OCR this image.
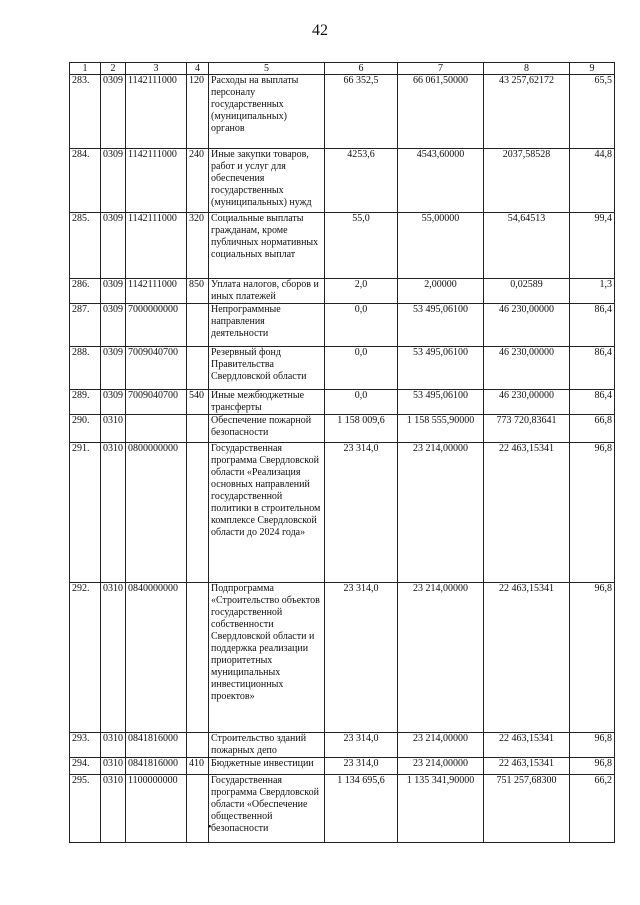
42
1	2	3	4	5	6	7	8	9
283.	0309	1142111000	120	Расходы на выплаты персоналу государственных (муниципальных) органов	66 352,5	66 061,50000	43 257,62172	65,5
284.	0309	1142111000	240	Иные закупки товаров, работ и услуг для обеспечения государственных (муниципальных) нужд	4253,6	4543,60000	2037,58528	44,8
285.	0309	1142111000	320	Социальные выплаты гражданам, кроме публичных нормативных социальных выплат	55,0	55,00000	54,64513	99,4
286.	0309	1142111000	850	Уплата налогов, сборов и иных платежей	2,0	2,00000	0,02589	1,3
287.	0309	7000000000		Непрограммные направления деятельности	0,0	53 495,06100	46 230,00000	86,4
288.	0309	7009040700		Резервный фонд Правительства Свердловской области	0,0	53 495,06100	46 230,00000	86,4
289.	0309	7009040700	540	Иные межбюджетные трансферты	0,0	53 495,06100	46 230,00000	86,4
290.	0310			Обеспечение пожарной безопасности	1 158 009,6	1 158 555,90000	773 720,83641	66,8
291.	0310	0800000000		Государственная программа Свердловской области «Реализация основных направлений государственной политики в строительном комплексе Свердловской области до 2024 года»	23 314,0	23 214,00000	22 463,15341	96,8
292.	0310	0840000000		Подпрограмма «Строительство объектов государственной собственности Свердловской области и поддержка реализации приоритетных муниципальных инвестиционных проектов»	23 314,0	23 214,00000	22 463,15341	96,8
293.	0310	0841816000		Строительство зданий пожарных депо	23 314,0	23 214,00000	22 463,15341	96,8
294.	0310	0841816000	410	Бюджетные инвестиции	23 314,0	23 214,00000	22 463,15341	96,8
295.	0310	1100000000		Государственная программа Свердловской области «Обеспечение общественной безопасности	1 134 695,6	1 135 341,90000	751 257,68300	66,2
•
